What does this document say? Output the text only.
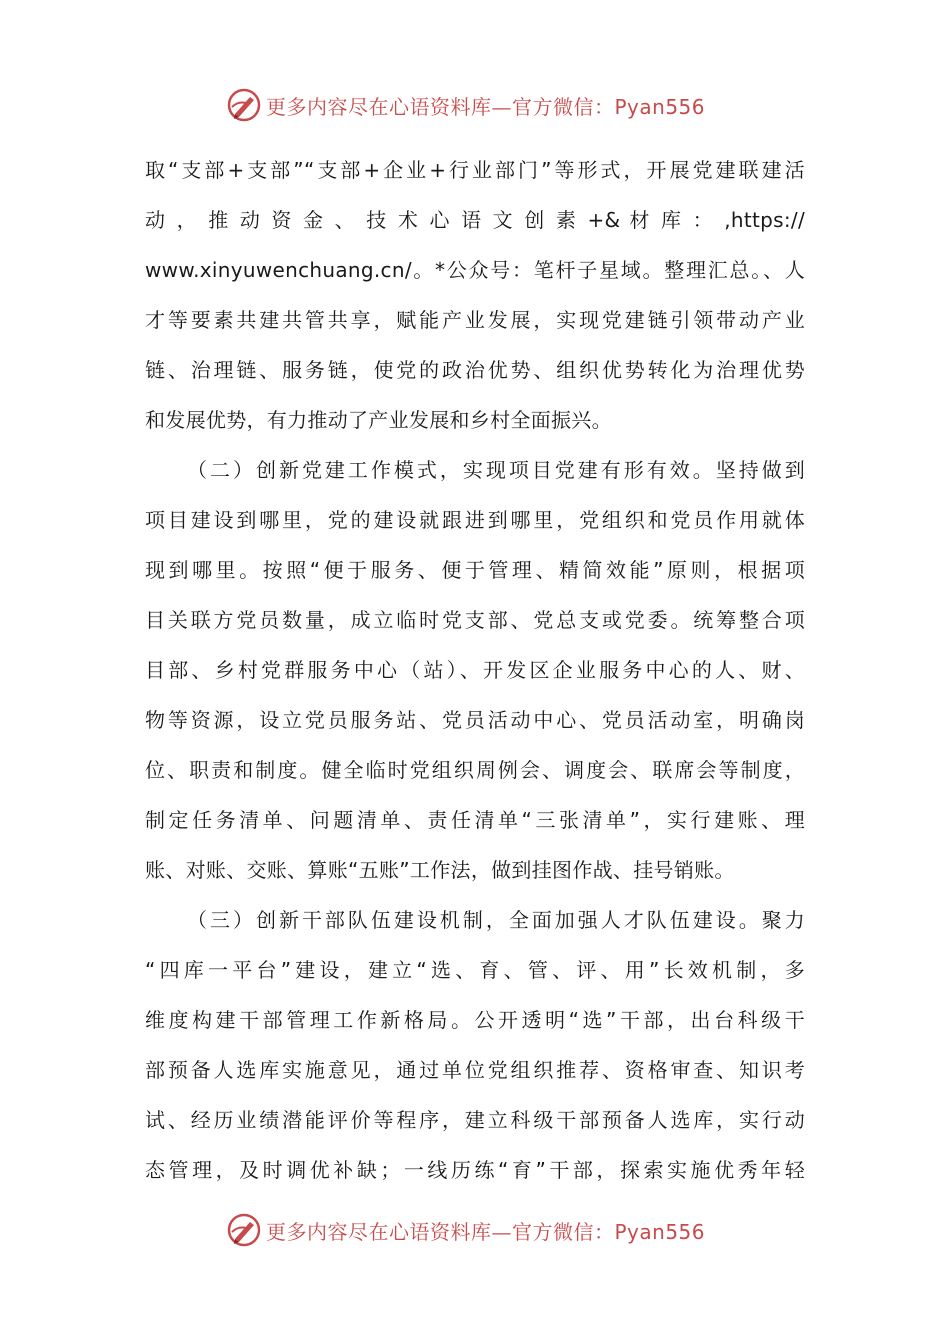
更多内容尽在心语资料库—官方微信：Pyan556
取“支部+支部”“支部+企业+行业部门”等形式，开展党建联建活
动 ， 推 动 资 金 、 技 术 心 语 文 创 素 +& 材 库 ： ,https://
www.xinyuwenchuang.cn/。*公众号：笔杆子星域。整理汇总。、人
才等要素共建共管共享，赋能产业发展，实现党建链引领带动产业
链、治理链、服务链，使党的政治优势、组织优势转化为治理优势
和发展优势，有力推动了产业发展和乡村全面振兴。
（二）创新党建工作模式，实现项目党建有形有效。坚持做到
项目建设到哪里，党的建设就跟进到哪里，党组织和党员作用就体
现到哪里。按照“便于服务、便于管理、精简效能”原则，根据项
目关联方党员数量，成立临时党支部、党总支或党委。统筹整合项
目部、乡村党群服务中心（站）、开发区企业服务中心的人、财、
物等资源，设立党员服务站、党员活动中心、党员活动室，明确岗
位、职责和制度。健全临时党组织周例会、调度会、联席会等制度，
制定任务清单、问题清单、责任清单“三张清单”，实行建账、理
账、对账、交账、算账“五账”工作法，做到挂图作战、挂号销账。
（三）创新干部队伍建设机制，全面加强人才队伍建设。聚力
“四库一平台”建设，建立“选、育、管、评、用”长效机制，多
维度构建干部管理工作新格局。公开透明“选”干部，出台科级干
部预备人选库实施意见，通过单位党组织推荐、资格审查、知识考
试、经历业绩潜能评价等程序，建立科级干部预备人选库，实行动
态管理，及时调优补缺；一线历练“育”干部，探索实施优秀年轻
更多内容尽在心语资料库—官方微信：Pyan556
